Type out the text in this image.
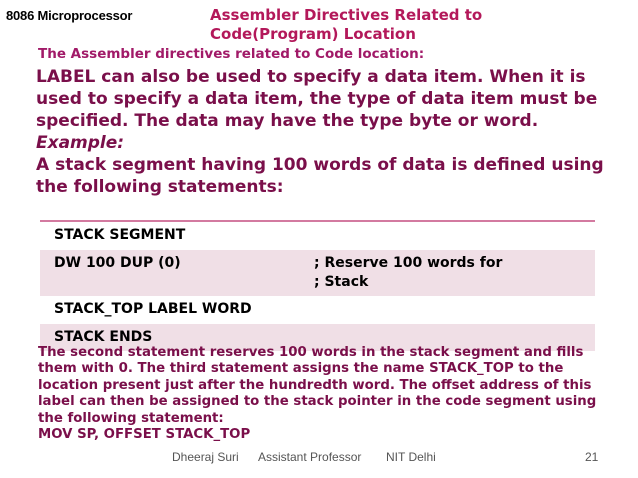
8086 Microprocessor	Assembler Directives Related to Code(Program) Location
The Assembler directives related to Code location:
LABEL can also be used to specify a data item. When it is used to specify a data item, the type of data item must be specified. The data may have the type byte or word.
Example:
A stack segment having 100 words of data is defined using the following statements:
STACK SEGMENT
DW 100 DUP (0)	; Reserve 100 words for
; Stack
STACK_TOP LABEL WORD
STACK ENDS
The second statement reserves 100 words in the stack segment and fills them with 0. The third statement assigns the name STACK_TOP to the location present just after the hundredth word. The offset address of this label can then be assigned to the stack pointer in the code segment using the following statement:
MOV SP, OFFSET STACK_TOP
Dheeraj Suri Assistant Professor NIT Delhi	21
